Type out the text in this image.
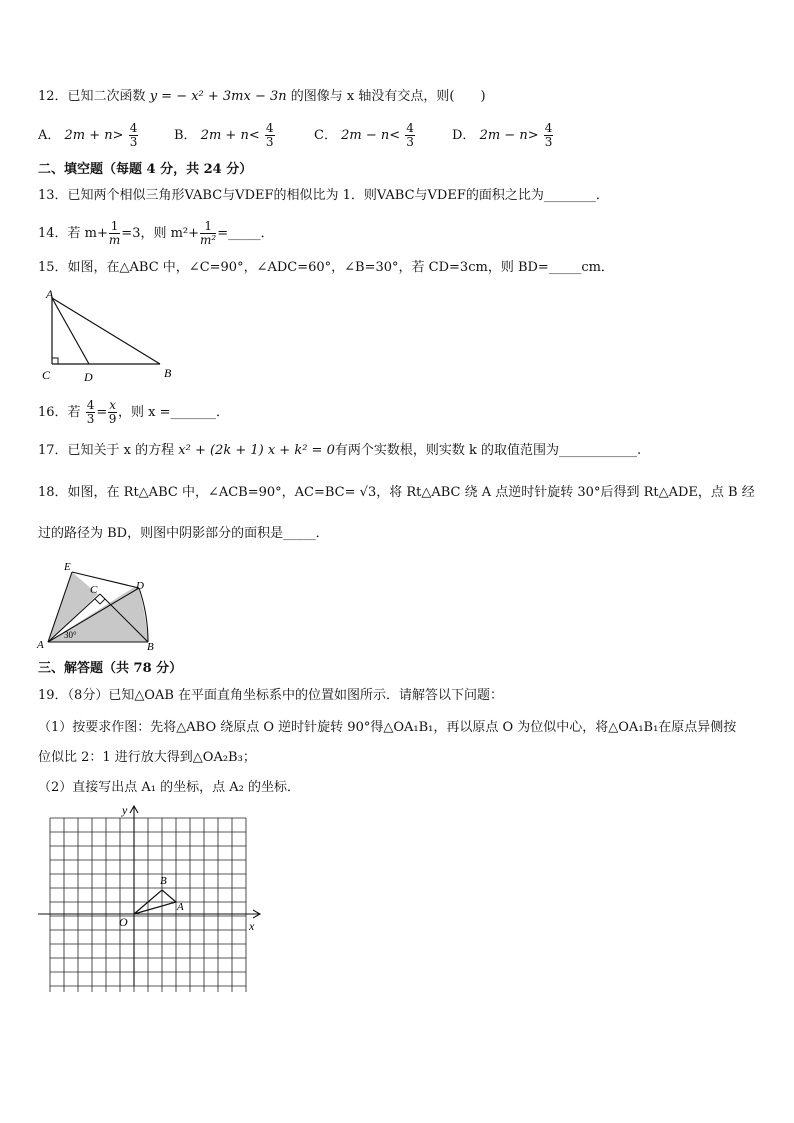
12．已知二次函数 y = − x² + 3mx − 3n 的图像与 x 轴没有交点，则(　　)
A． $2m + n> \frac{4}{3}$	B． $2m + n< \frac{4}{3}$	C． $2m - n< \frac{4}{3}$	D． $2m - n> \frac{4}{3}$
二、填空题（每题 4 分，共 24 分）
13．已知两个相似三角形VABC与VDEF的相似比为 1．则VABC与VDEF的面积之比为________．
14．若 $m+ \frac{1}{m} =3$，则 $m^2+ \frac{1}{\text{m²}}$ =_____．
15．如图，在△ABC 中，∠C=90°，∠ADC=60°，∠B=30°，若 CD=3cm，则 BD=_____cm．
A
C	D	B
16．若 $\frac{4}{3} = \frac{x}{9}$ ，则 x =_______．
17．已知关于 x 的方程 x² + (2k + 1) x + k² = 0有两个实数根，则实数 k 的取值范围为____________.
18．如图，在 Rt△ABC 中，∠ACB=90°，AC=BC= √3，将 Rt△ABC 绕 A 点逆时针旋转 30°后得到 Rt△ADE，点 B 经
过的路径为 BD，则图中阴影部分的面积是_____．
E
D
C
A	B
30°
三、解答题（共 78 分）
19．（8分）已知△OAB 在平面直角坐标系中的位置如图所示．请解答以下问题：
（1）按要求作图：先将△ABO 绕原点 O 逆时针旋转 90°得△OA₁B₁，再以原点 O 为位似中心，将△OA₁B₁在原点异侧按
位似比 2：1 进行放大得到△OA₂B₃；
（2）直接写出点 A₁ 的坐标，点 A₂ 的坐标．
y
x
O
A
B
